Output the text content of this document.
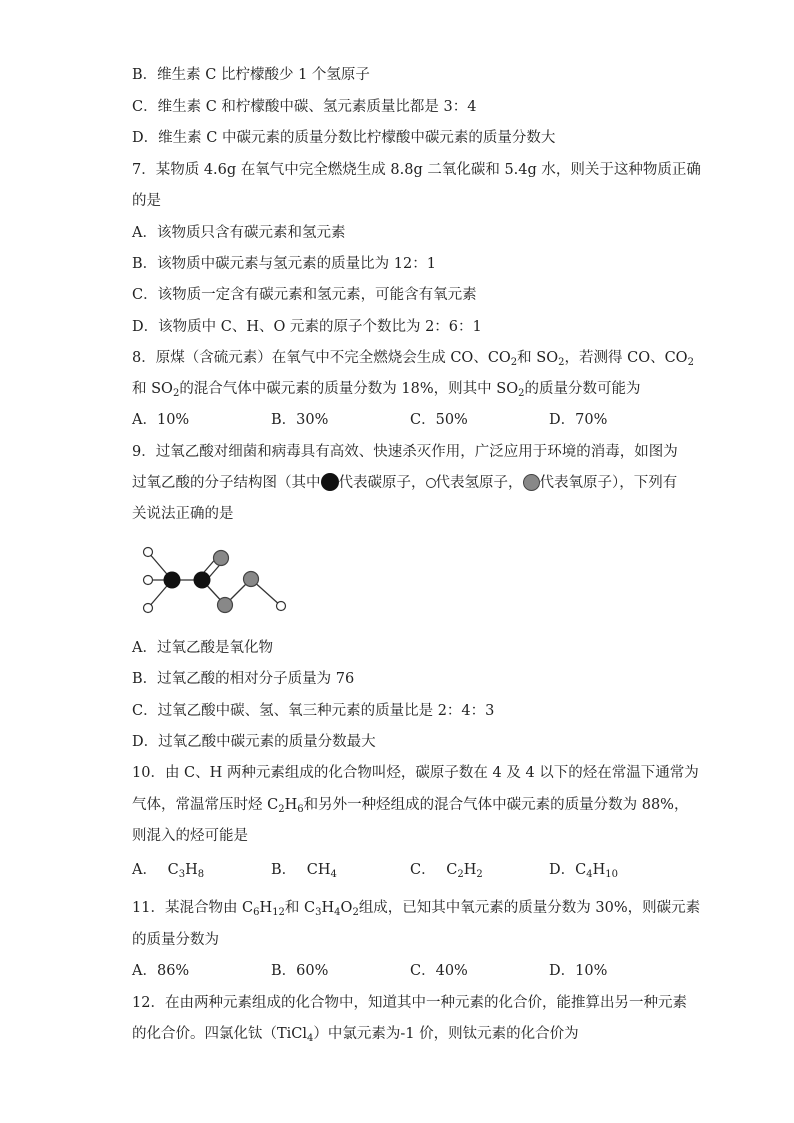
B．维生素 C 比柠檬酸少 1 个氢原子
C．维生素 C 和柠檬酸中碳、氢元素质量比都是 3：4
D．维生素 C 中碳元素的质量分数比柠檬酸中碳元素的质量分数大
7．某物质 4.6g 在氧气中完全燃烧生成 8.8g 二氧化碳和 5.4g 水，则关于这种物质正确
的是
A．该物质只含有碳元素和氢元素
B．该物质中碳元素与氢元素的质量比为 12：1
C．该物质一定含有碳元素和氢元素，可能含有氧元素
D．该物质中 C、H、O 元素的原子个数比为 2：6：1
8．原煤（含硫元素）在氧气中不完全燃烧会生成 CO、$CO_2$和 $SO_2$，若测得 CO、$CO_2$
和 $SO_2$的混合气体中碳元素的质量分数为 18%，则其中 $SO_2$的质量分数可能为
A．10%	B．30%	C．50%	D．70%
9．过氧乙酸对细菌和病毒具有高效、快速杀灭作用，广泛应用于环境的消毒，如图为
过氧乙酸的分子结构图（其中 代表碳原子， 代表氢原子， 代表氧原子），下列有
关说法正确的是
A．过氧乙酸是氧化物
B．过氧乙酸的相对分子质量为 76
C．过氧乙酸中碳、氢、氧三种元素的质量比是 2：4：3
D．过氧乙酸中碳元素的质量分数最大
10．由 C、H 两种元素组成的化合物叫烃，碳原子数在 4 及 4 以下的烃在常温下通常为
气体，常温常压时烃 $C_2H_6$和另外一种烃组成的混合气体中碳元素的质量分数为 88%，
则混入的烃可能是
A． $C_3H_8$	B． $CH_4$	C． $C_2H_2$	D．$C_4H_{10}$
11．某混合物由 $C_6H_{12}$和 $C_3H_4O_2$组成，已知其中氧元素的质量分数为 30%，则碳元素
的质量分数为
A．86%	B．60%	C．40%	D．10%
12．在由两种元素组成的化合物中，知道其中一种元素的化合价，能推算出另一种元素
的化合价。四氯化钛（TiCl$_4$）中氯元素为-1 价，则钛元素的化合价为
